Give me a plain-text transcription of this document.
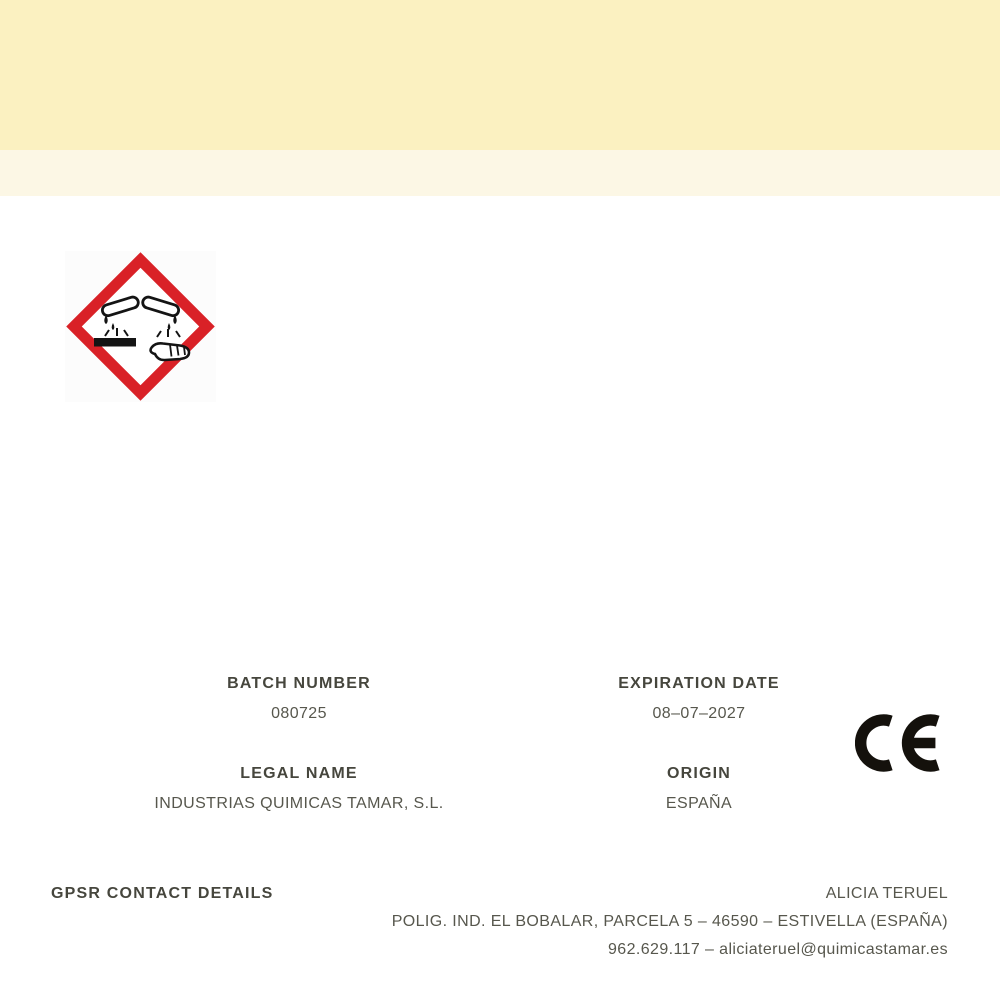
BATCH NUMBER
080725
EXPIRATION DATE
08–07–2027
LEGAL NAME
INDUSTRIAS QUIMICAS TAMAR, S.L.
ORIGIN
ESPAÑA
GPSR CONTACT DETAILS	ALICIA TERUEL
POLIG. IND. EL BOBALAR, PARCELA 5 – 46590 – ESTIVELLA (ESPAÑA)
962.629.117 – aliciateruel@quimicastamar.es
